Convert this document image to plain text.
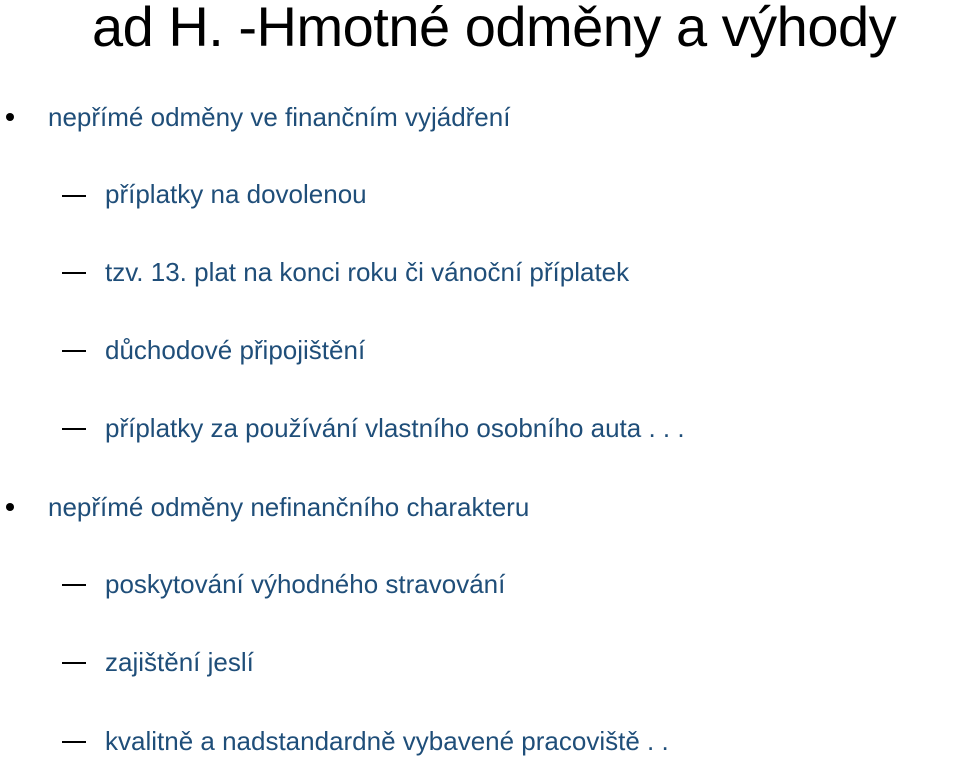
ad H. -Hmotné odměny a výhody
nepřímé odměny ve finančním vyjádření
příplatky na dovolenou
tzv. 13. plat na konci roku či vánoční příplatek
důchodové připojištění
příplatky za používání vlastního osobního auta . . .
nepřímé odměny nefinančního charakteru
poskytování výhodného stravování
zajištění jeslí
kvalitně a nadstandardně vybavené pracoviště . .
